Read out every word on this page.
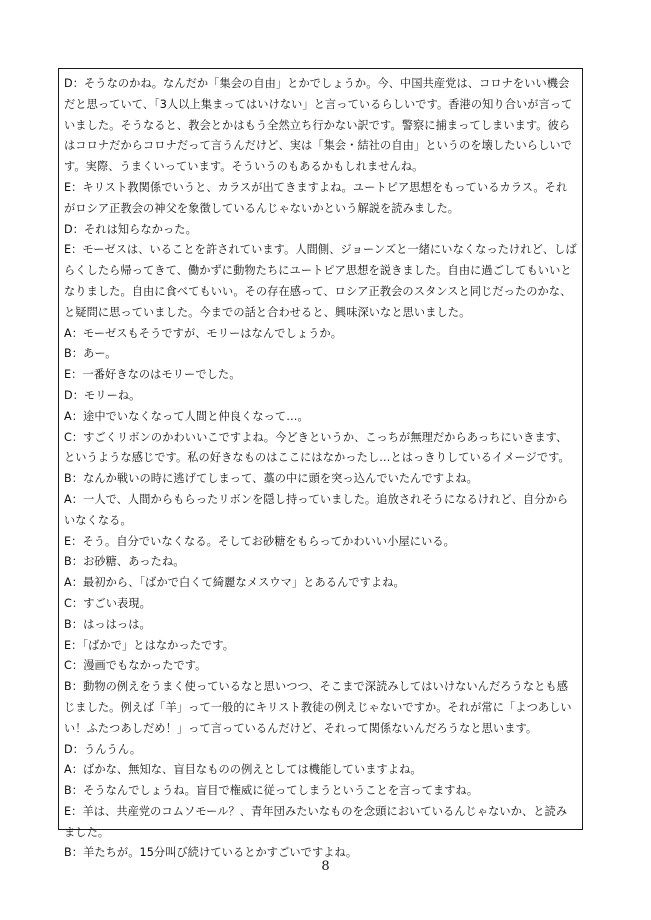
D：そうなのかね。なんだか「集会の自由」とかでしょうか。今、中国共産党は、コロナをいい機会だと思っていて、「3人以上集まってはいけない」と言っているらしいです。香港の知り合いが言っていました。そうなると、教会とかはもう全然立ち行かない訳です。警察に捕まってしまいます。彼らはコロナだからコロナだって言うんだけど、実は「集会・結社の自由」というのを壊したいらしいです。実際、うまくいっています。そういうのもあるかもしれませんね。

E：キリスト教関係でいうと、カラスが出てきますよね。ユートピア思想をもっているカラス。それがロシア正教会の神父を象徴しているんじゃないかという解説を読みました。

D：それは知らなかった。

E：モーゼスは、いることを許されています。人間側、ジョーンズと一緒にいなくなったけれど、しばらくしたら帰ってきて、働かずに動物たちにユートピア思想を説きました。自由に過ごしてもいいとなりました。自由に食べてもいい。その存在感って、ロシア正教会のスタンスと同じだったのかな、と疑問に思っていました。今までの話と合わせると、興味深いなと思いました。

A：モーゼスもそうですが、モリーはなんでしょうか。

B：あー。

E：一番好きなのはモリーでした。

D：モリーね。

A：途中でいなくなって人間と仲良くなって…。

C：すごくリボンのかわいいこですよね。今どきというか、こっちが無理だからあっちにいきます、というような感じです。私の好きなものはここにはなかったし…とはっきりしているイメージです。

B：なんか戦いの時に逃げてしまって、藁の中に頭を突っ込んでいたんですよね。

A：一人で、人間からもらったリボンを隠し持っていました。追放されそうになるけれど、自分からいなくなる。

E：そう。自分でいなくなる。そしてお砂糖をもらってかわいい小屋にいる。

B：お砂糖、あったね。

A：最初から、「ばかで白くて綺麗なメスウマ」とあるんですよね。

C：すごい表現。

B：はっはっは。

E：「ばかで」とはなかったです。

C：漫画でもなかったです。

B：動物の例えをうまく使っているなと思いつつ、そこまで深読みしてはいけないんだろうなとも感じました。例えば「羊」って一般的にキリスト教徒の例えじゃないですか。それが常に「よつあしいい！ふたつあしだめ！」って言っているんだけど、それって関係ないんだろうなと思います。

D：うんうん。

A：ばかな、無知な、盲目なものの例えとしては機能していますよね。

B：そうなんでしょうね。盲目で権威に従ってしまうということを言ってますね。

E：羊は、共産党のコムソモール？、青年団みたいなものを念頭においているんじゃないか、と読みました。

B：羊たちが。15分叫び続けているとかすごいですよね。

8
